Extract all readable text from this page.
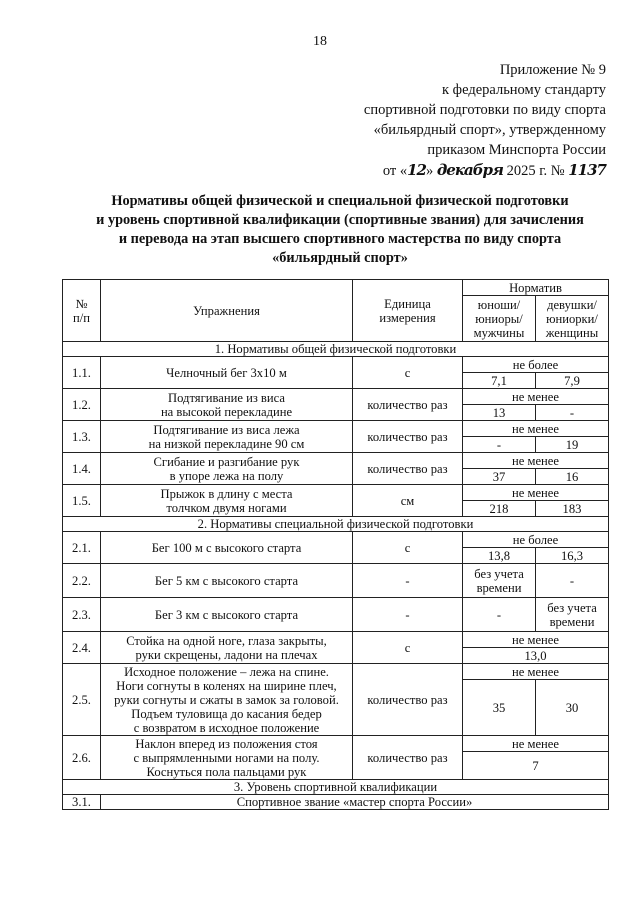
18
Приложение № 9
к федеральному стандарту
спортивной подготовки по виду спорта
«бильярдный спорт», утвержденному
приказом Минспорта России
от «12» декабря 2025 г. № 1137
Нормативы общей физической и специальной физической подготовки
и уровень спортивной квалификации (спортивные звания) для зачисления
и перевода на этап высшего спортивного мастерства по виду спорта
«бильярдный спорт»
№
п/п	Упражнения	Единица измерения	Норматив	
			юноши/
юниоры/
мужчины	девушки/
юниорки/
женщины
1. Нормативы общей физической подготовки				
1.1.	Челночный бег 3х10 м	с	не более	
			7,1	7,9
1.2.	Подтягивание из виса
на высокой перекладине	количество раз	не менее	
			13	-
1.3.	Подтягивание из виса лежа
на низкой перекладине 90 см	количество раз	не менее	
			-	19
1.4.	Сгибание и разгибание рук
в упоре лежа на полу	количество раз	не менее	
			37	16
1.5.	Прыжок в длину с места
толчком двумя ногами	см	не менее	
			218	183
2. Нормативы специальной физической подготовки				
2.1.	Бег 100 м с высокого старта	с	не более	
			13,8	16,3
2.2.	Бег 5 км с высокого старта	-	без учета
времени	-
2.3.	Бег 3 км с высокого старта	-	-	без учета
времени
2.4.	Стойка на одной ноге, глаза закрыты,
руки скрещены, ладони на плечах	с	не менее	
			13,0	
2.5.	Исходное положение – лежа на спине.
Ноги согнуты в коленях на ширине плеч,
руки согнуты и сжаты в замок за головой.
Подъем туловища до касания бедер
с возвратом в исходное положение	количество раз	не менее	
			35	30
2.6.	Наклон вперед из положения стоя
с выпрямленными ногами на полу.
Коснуться пола пальцами рук	количество раз	не менее	
			7	
3. Уровень спортивной квалификации				
3.1.	Спортивное звание «мастер спорта России»			
